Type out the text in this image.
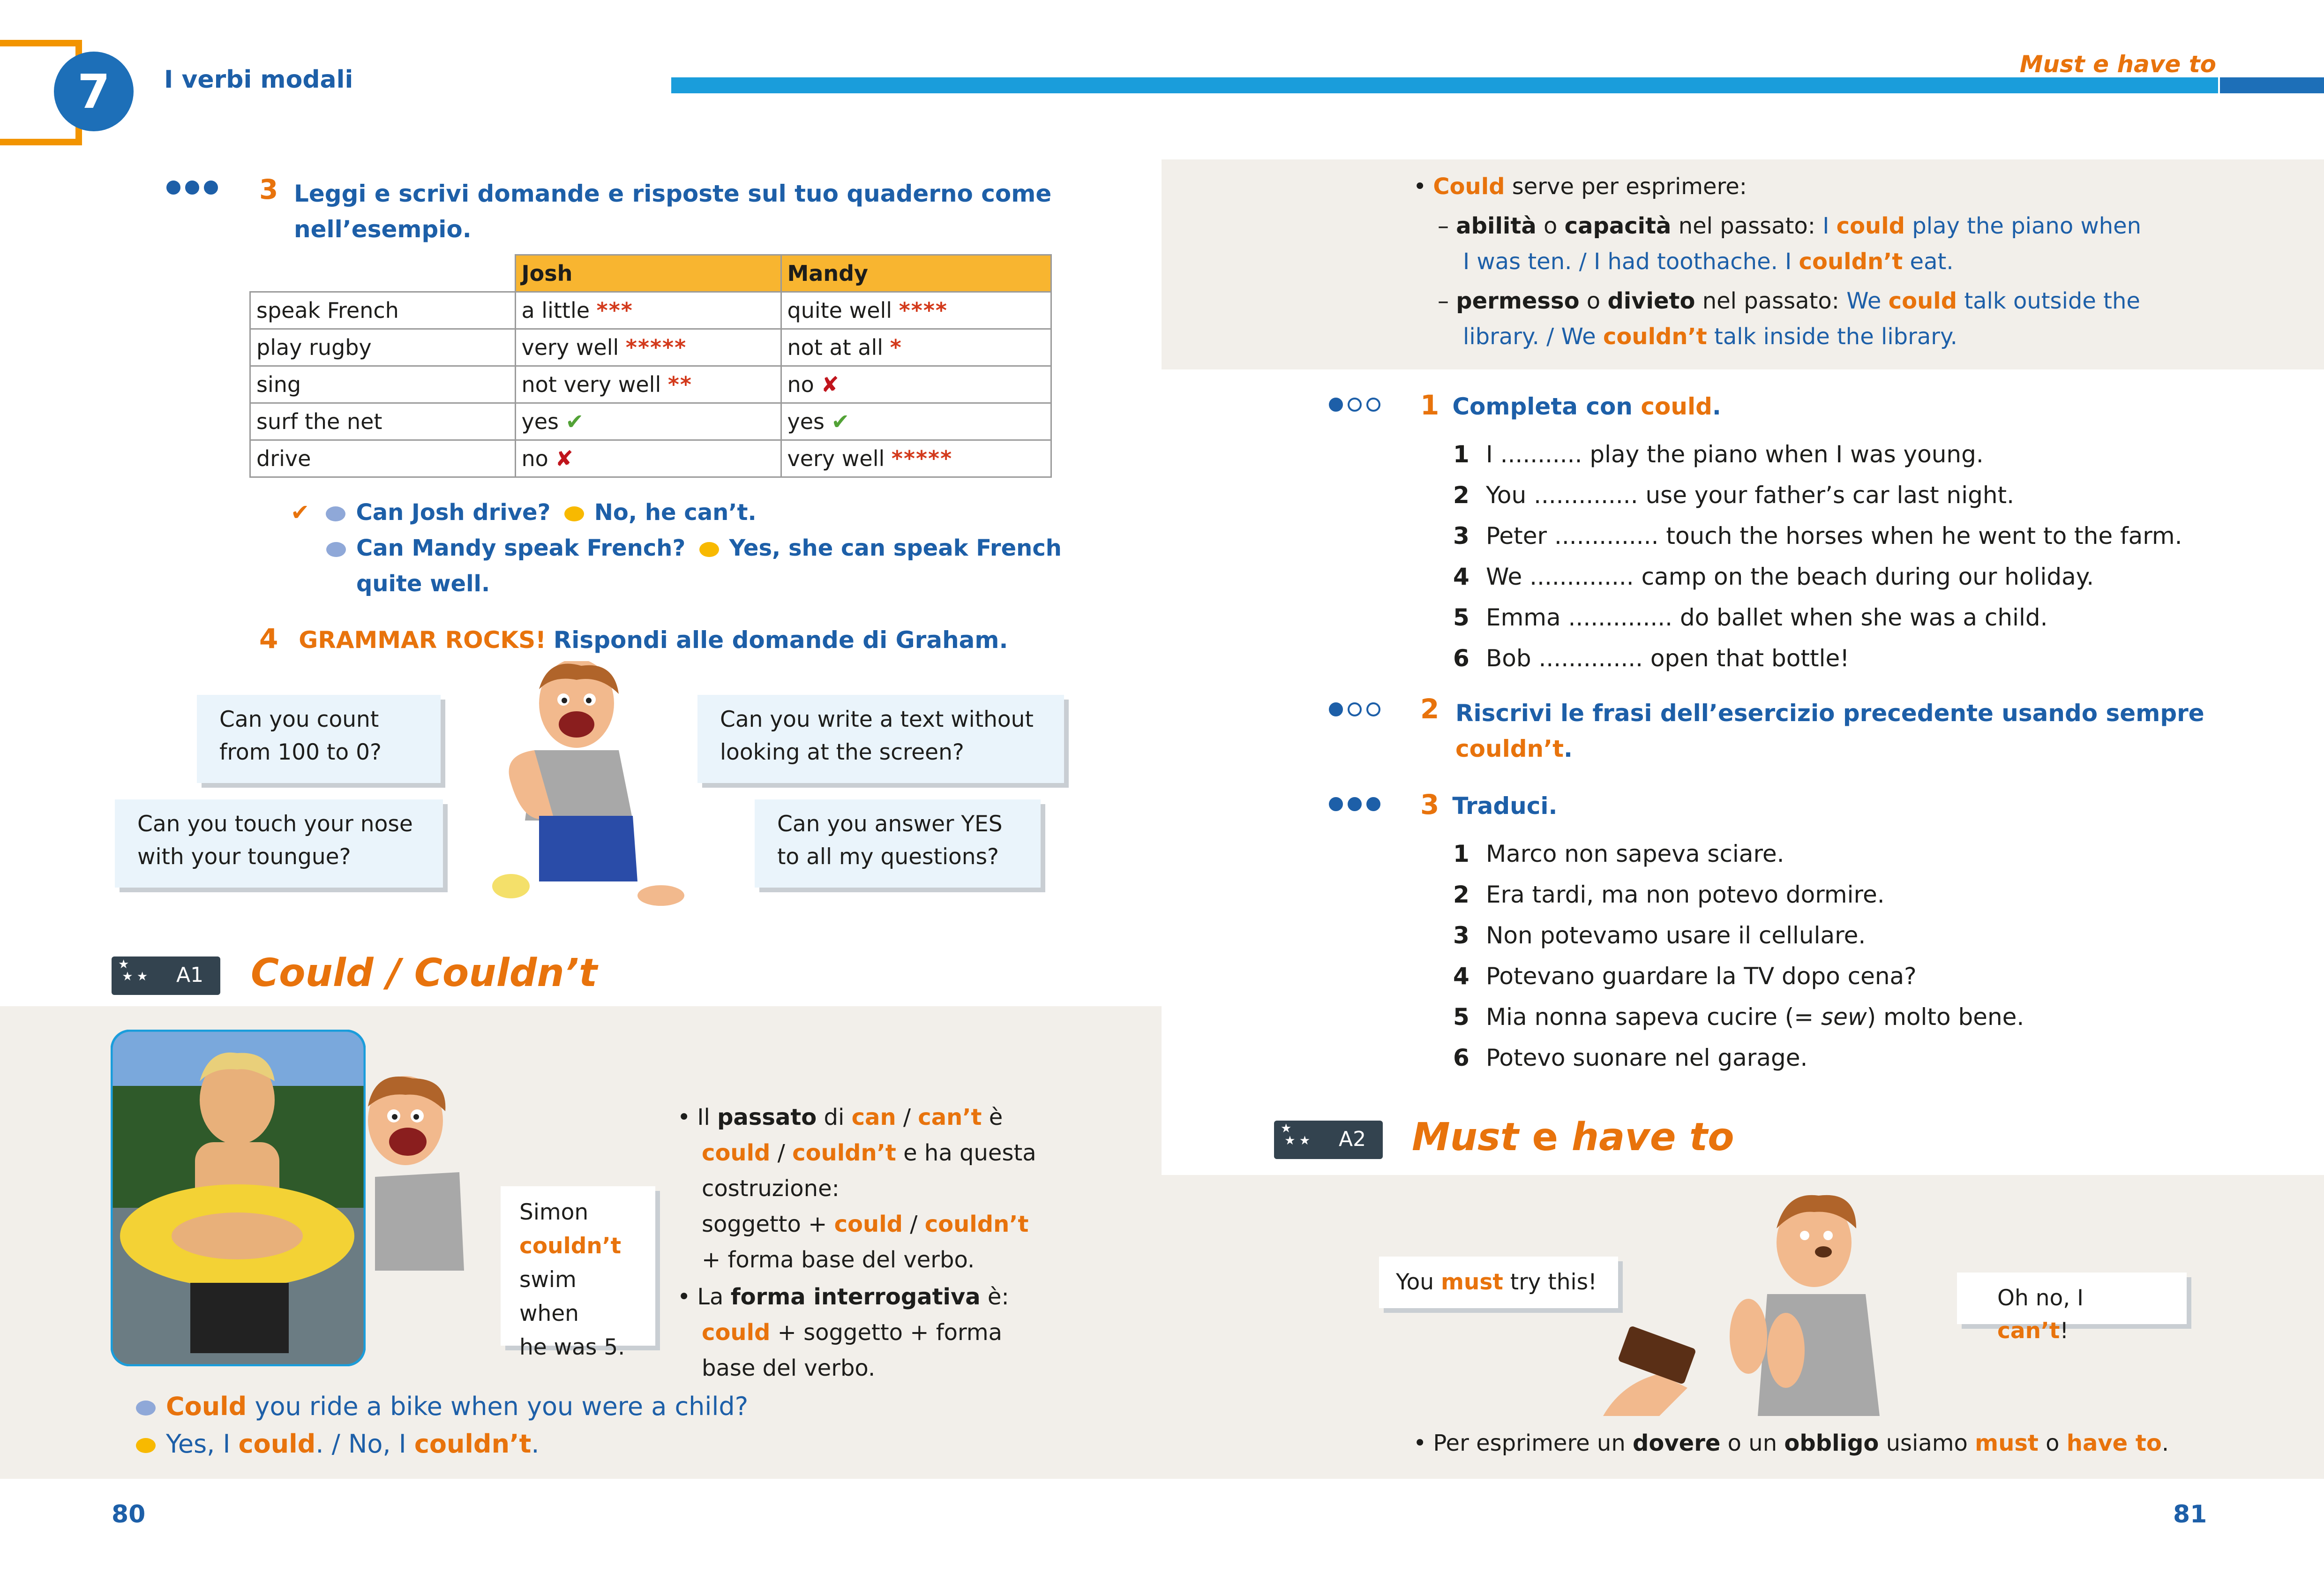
7 I verbi modali
Must e have to
3 Leggi e scrivi domande e risposte sul tuo quaderno come
nell’esempio.
	Josh	Mandy
speak French	a little ***	quite well ****
play rugby	very well *****	not at all *
sing	not very well **	no ✘
surf the net	yes ✔	yes ✔
drive	no ✘	very well *****
✔ Can Josh drive? No, he can’t.
Can Mandy speak French? Yes, she can speak French
quite well.
4 GRAMMAR ROCKS! Rispondi alle domande di Graham.
Can you count
from 100 to 0?
Can you write a text without
looking at the screen?
Can you touch your nose
with your toungue?
Can you answer YES
to all my questions?
★
★ ★ A1 Could / Couldn’t
Simon
couldn’t
swim when
he was 5.
• Il passato di can / can’t è
could / couldn’t e ha questa
costruzione:
soggetto + could / couldn’t
+ forma base del verbo.
• La forma interrogativa è:
could + soggetto + forma
base del verbo.
Could you ride a bike when you were a child?
Yes, I could. / No, I couldn’t.
80
• Could serve per esprimere:
– abilità o capacità nel passato: I could play the piano when
I was ten. / I had toothache. I couldn’t eat.
– permesso o divieto nel passato: We could talk outside the
library. / We couldn’t talk inside the library.
1 Completa con could.
1 I ........... play the piano when I was young.
2 You .............. use your father’s car last night.
3 Peter .............. touch the horses when he went to the farm.
4 We .............. camp on the beach during our holiday.
5 Emma .............. do ballet when she was a child.
6 Bob .............. open that bottle!
2 Riscrivi le frasi dell’esercizio precedente usando sempre
couldn’t.
3 Traduci.
1 Marco non sapeva sciare.
2 Era tardi, ma non potevo dormire.
3 Non potevamo usare il cellulare.
4 Potevano guardare la TV dopo cena?
5 Mia nonna sapeva cucire (= sew) molto bene.
6 Potevo suonare nel garage.
★
★ ★ A2 Must e have to
You must try this!
Oh no, I can’t!
• Per esprimere un dovere o un obbligo usiamo must o have to.
81
